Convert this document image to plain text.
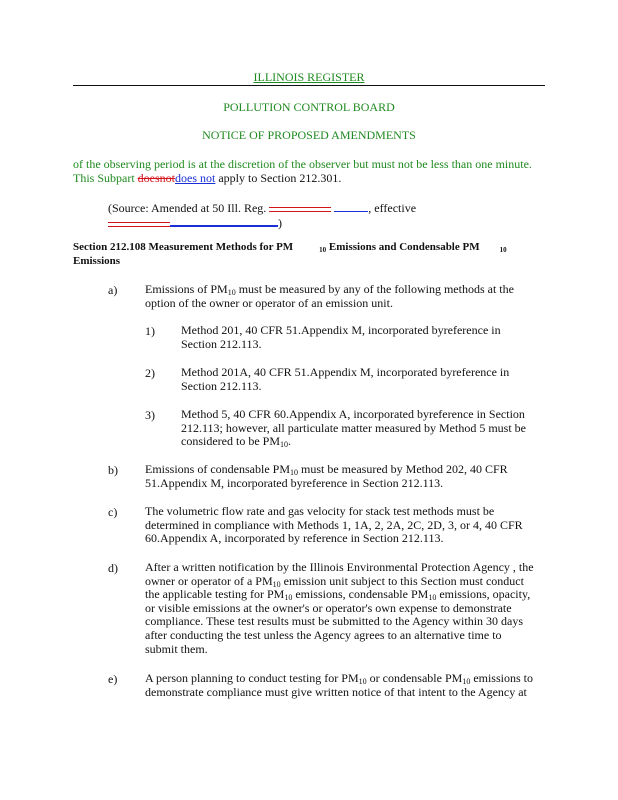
ILLINOIS REGISTER
POLLUTION CONTROL BOARD
NOTICE OF PROPOSED AMENDMENTS
of the observing period is at the discretion of the observer but must not be less than one minute.
This Subpart doesnotdoes not apply to Section 212.301.
(Source: Amended at 50 Ill. Reg.	, effective
)
Section 212.108 Measurement Methods for PM	$_{10}$ Emissions and Condensable PM	$_{10}$
Emissions
a) Emissions of $PM_{10}$ must be measured by any of the following methods at the option of the owner or operator of an emission unit.
1) Method 201, 40 CFR 51.Appendix M, incorporated byreference in Section 212.113.
2) Method 201A, 40 CFR 51.Appendix M, incorporated byreference in Section 212.113.
3) Method 5, 40 CFR 60.Appendix A, incorporated byreference in Section 212.113; however, all particulate matter measured by Method 5 must be considered to be $PM_{10}$.
b) Emissions of condensable $PM_{10}$ must be measured by Method 202, 40 CFR 51.Appendix M, incorporated byreference in Section 212.113.
c) The volumetric flow rate and gas velocity for stack test methods must be determined in compliance with Methods 1, 1A, 2, 2A, 2C, 2D, 3, or 4, 40 CFR 60.Appendix A, incorporated by reference in Section 212.113.
d) After a written notification by the Illinois Environmental Protection Agency , the owner or operator of a $PM_{10}$ emission unit subject to this Section must conduct the applicable testing for $PM_{10}$ emissions, condensable $PM_{10}$ emissions, opacity, or visible emissions at the owner's or operator's own expense to demonstrate compliance. These test results must be submitted to the Agency within 30 days after conducting the test unless the Agency agrees to an alternative time to submit them.
e) A person planning to conduct testing for $PM_{10}$ or condensable $PM_{10}$ emissions to demonstrate compliance must give written notice of that intent to the Agency at
